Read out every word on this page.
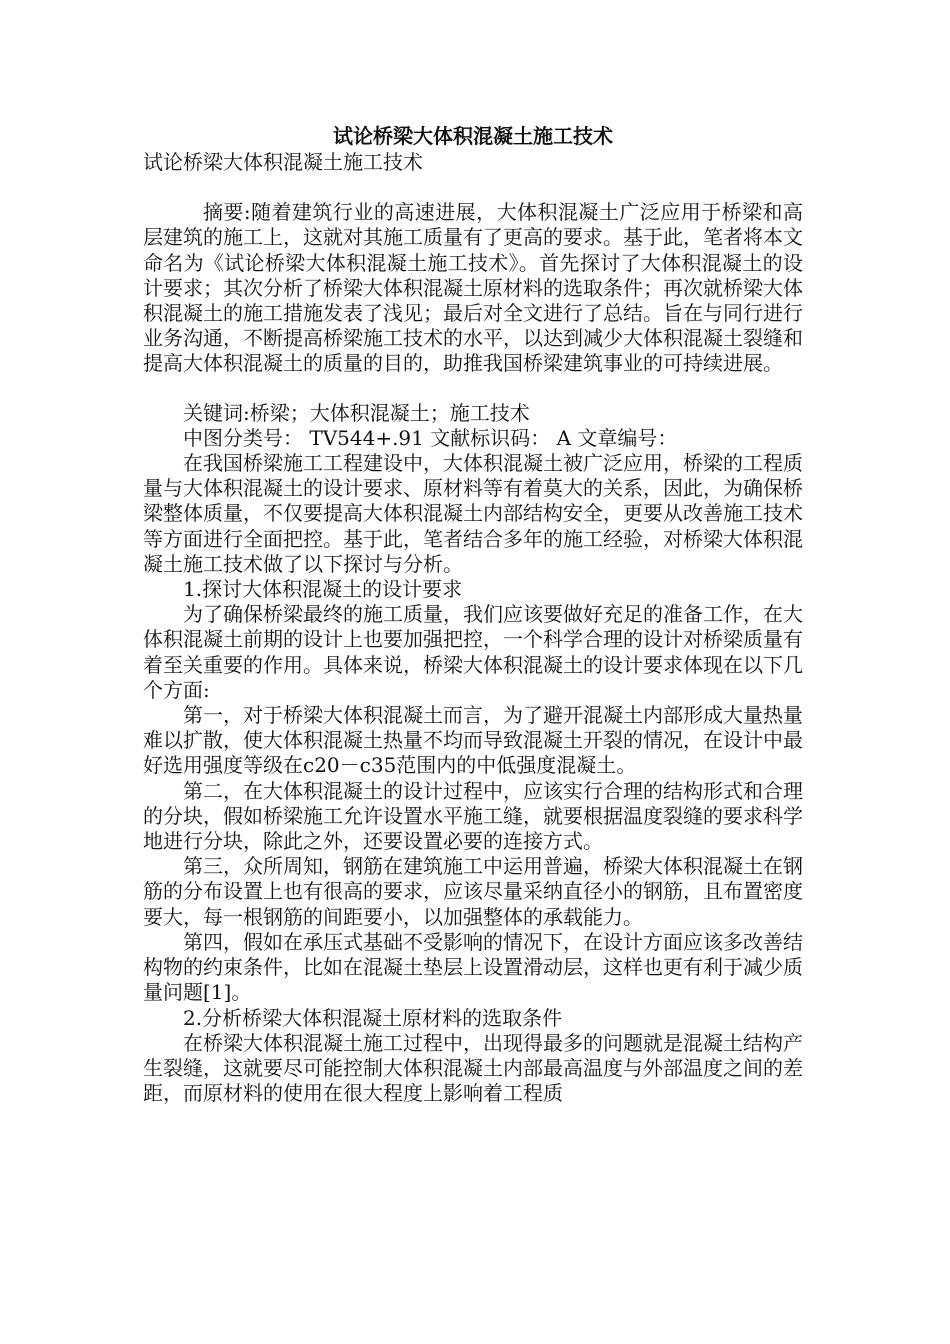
试论桥梁大体积混凝土施工技术
试论桥梁大体积混凝土施工技术

摘要:随着建筑行业的高速进展，大体积混凝土广泛应用于桥梁和高层建筑的施工上，这就对其施工质量有了更高的要求。基于此，笔者将本文命名为《试论桥梁大体积混凝土施工技术》。首先探讨了大体积混凝土的设计要求；其次分析了桥梁大体积混凝土原材料的选取条件；再次就桥梁大体积混凝土的施工措施发表了浅见；最后对全文进行了总结。旨在与同行进行业务沟通，不断提高桥梁施工技术的水平，以达到减少大体积混凝土裂缝和提高大体积混凝土的质量的目的，助推我国桥梁建筑事业的可持续进展。

关键词:桥梁；大体积混凝土；施工技术

中图分类号： TV544+.91 文献标识码： A 文章编号：

在我国桥梁施工工程建设中，大体积混凝土被广泛应用，桥梁的工程质量与大体积混凝土的设计要求、原材料等有着莫大的关系，因此，为确保桥梁整体质量，不仅要提高大体积混凝土内部结构安全，更要从改善施工技术等方面进行全面把控。基于此，笔者结合多年的施工经验，对桥梁大体积混凝土施工技术做了以下探讨与分析。

1.探讨大体积混凝土的设计要求

为了确保桥梁最终的施工质量，我们应该要做好充足的准备工作，在大体积混凝土前期的设计上也要加强把控，一个科学合理的设计对桥梁质量有着至关重要的作用。具体来说，桥梁大体积混凝土的设计要求体现在以下几个方面:

第一，对于桥梁大体积混凝土而言，为了避开混凝土内部形成大量热量难以扩散，使大体积混凝土热量不均而导致混凝土开裂的情况，在设计中最好选用强度等级在c20－c35范围内的中低强度混凝土。

第二，在大体积混凝土的设计过程中，应该实行合理的结构形式和合理的分块，假如桥梁施工允许设置水平施工缝，就要根据温度裂缝的要求科学地进行分块，除此之外，还要设置必要的连接方式。

第三，众所周知，钢筋在建筑施工中运用普遍，桥梁大体积混凝土在钢筋的分布设置上也有很高的要求，应该尽量采纳直径小的钢筋，且布置密度要大，每一根钢筋的间距要小，以加强整体的承载能力。

第四，假如在承压式基础不受影响的情况下，在设计方面应该多改善结构物的约束条件，比如在混凝土垫层上设置滑动层，这样也更有利于减少质量问题[1]。

2.分析桥梁大体积混凝土原材料的选取条件

在桥梁大体积混凝土施工过程中，出现得最多的问题就是混凝土结构产生裂缝，这就要尽可能控制大体积混凝土内部最高温度与外部温度之间的差距，而原材料的使用在很大程度上影响着工程质
